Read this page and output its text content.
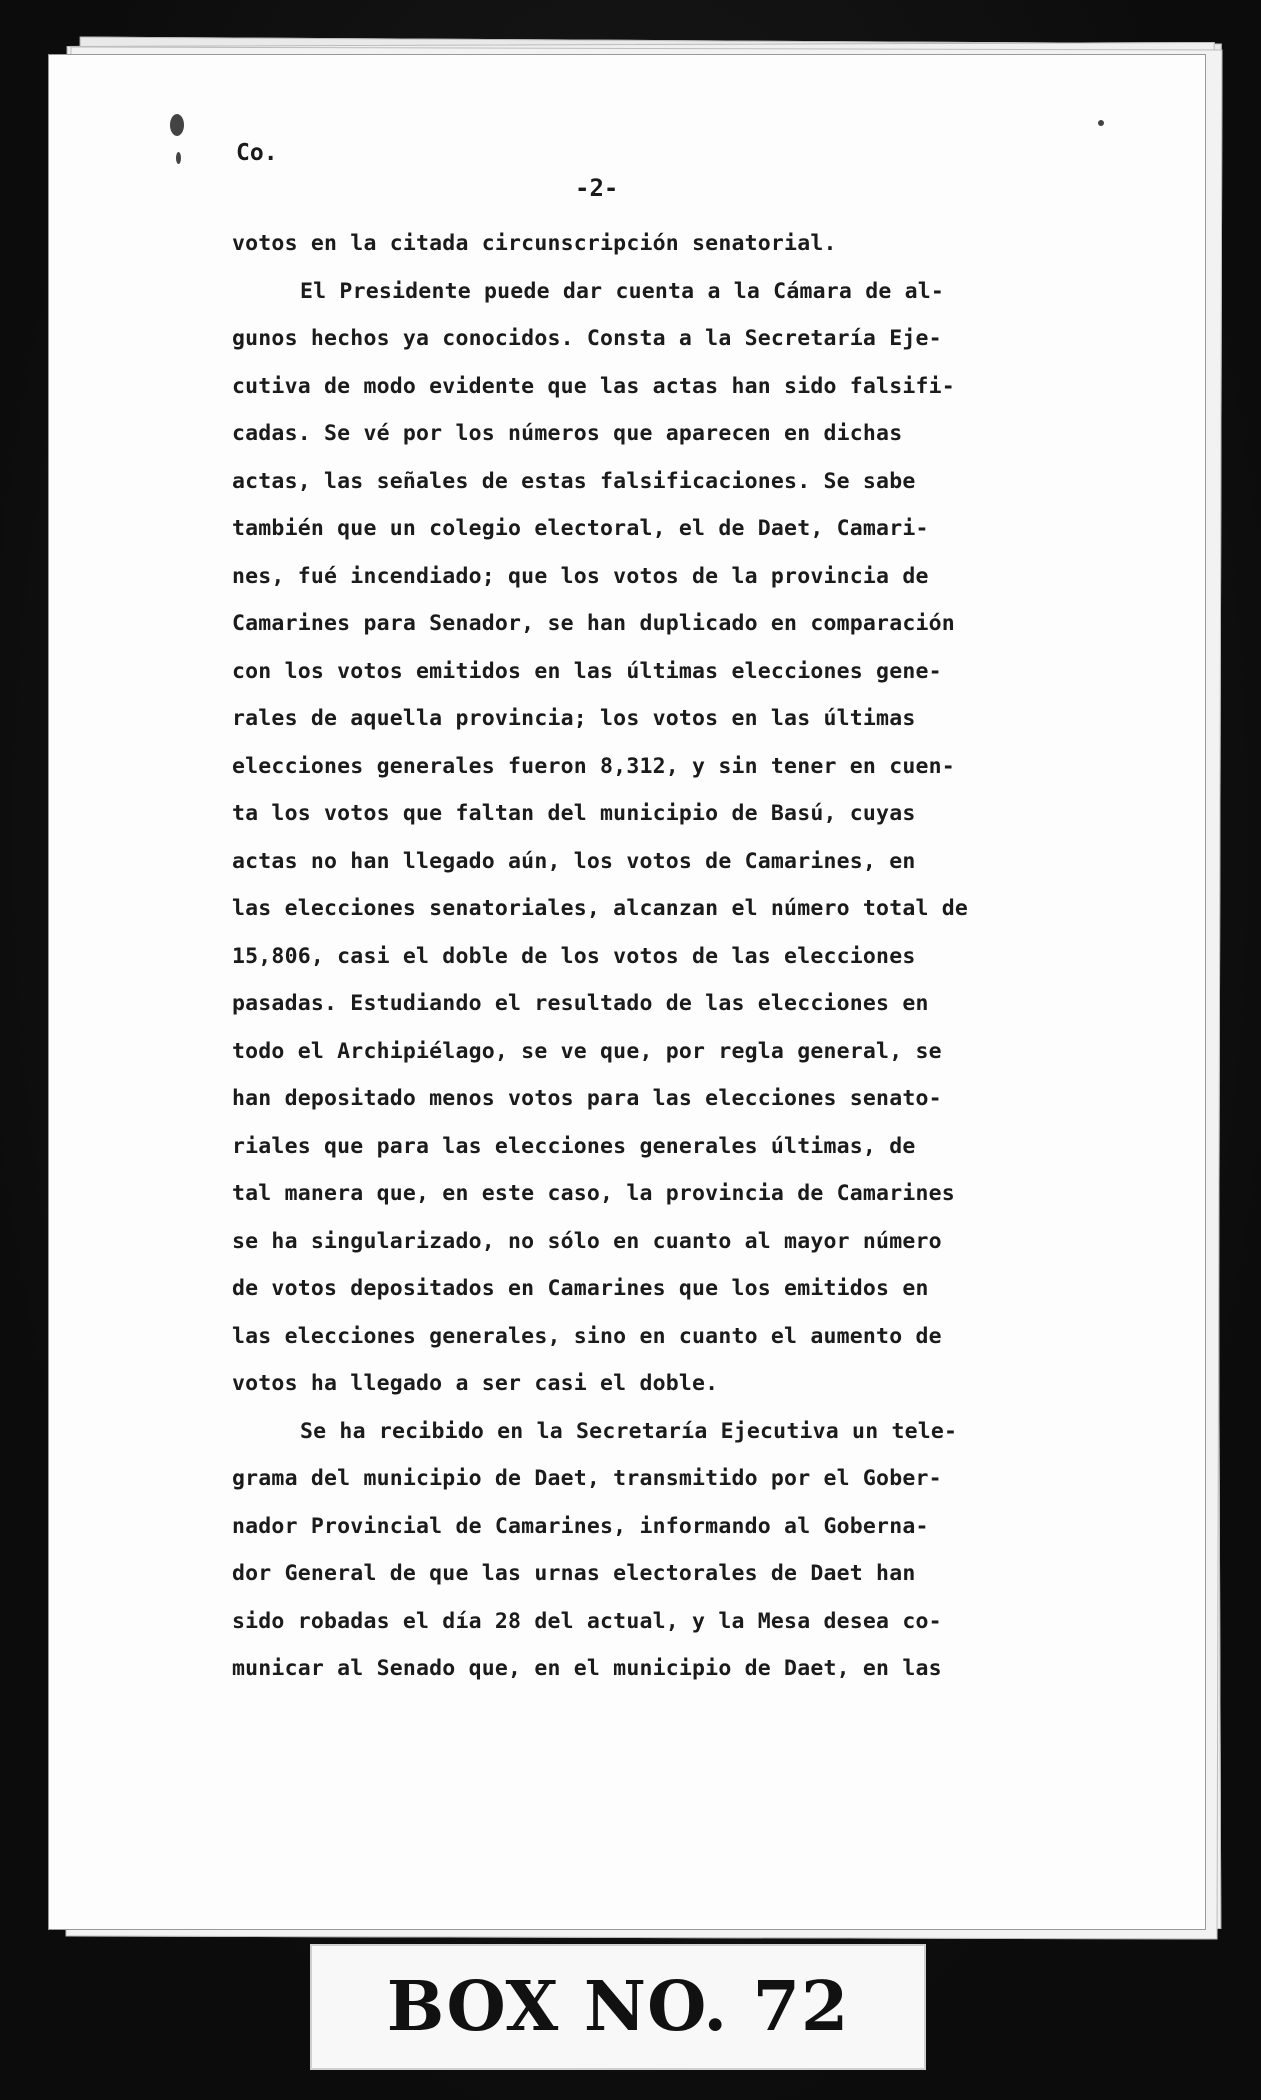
Co.
-2-
votos en la citada circunscripción senatorial.
El Presidente puede dar cuenta a la Cámara de al-
gunos hechos ya conocidos. Consta a la Secretaría Eje-
cutiva de modo evidente que las actas han sido falsifi-
cadas. Se vé por los números que aparecen en dichas
actas, las señales de estas falsificaciones. Se sabe
también que un colegio electoral, el de Daet, Camari-
nes, fué incendiado; que los votos de la provincia de
Camarines para Senador, se han duplicado en comparación
con los votos emitidos en las últimas elecciones gene-
rales de aquella provincia; los votos en las últimas
elecciones generales fueron 8,312, y sin tener en cuen-
ta los votos que faltan del municipio de Basú, cuyas
actas no han llegado aún, los votos de Camarines, en
las elecciones senatoriales, alcanzan el número total de
15,806, casi el doble de los votos de las elecciones
pasadas. Estudiando el resultado de las elecciones en
todo el Archipiélago, se ve que, por regla general, se
han depositado menos votos para las elecciones senato-
riales que para las elecciones generales últimas, de
tal manera que, en este caso, la provincia de Camarines
se ha singularizado, no sólo en cuanto al mayor número
de votos depositados en Camarines que los emitidos en
las elecciones generales, sino en cuanto el aumento de
votos ha llegado a ser casi el doble.
Se ha recibido en la Secretaría Ejecutiva un tele-
grama del municipio de Daet, transmitido por el Gober-
nador Provincial de Camarines, informando al Goberna-
dor General de que las urnas electorales de Daet han
sido robadas el día 28 del actual, y la Mesa desea co-
municar al Senado que, en el municipio de Daet, en las
BOX NO. 72
